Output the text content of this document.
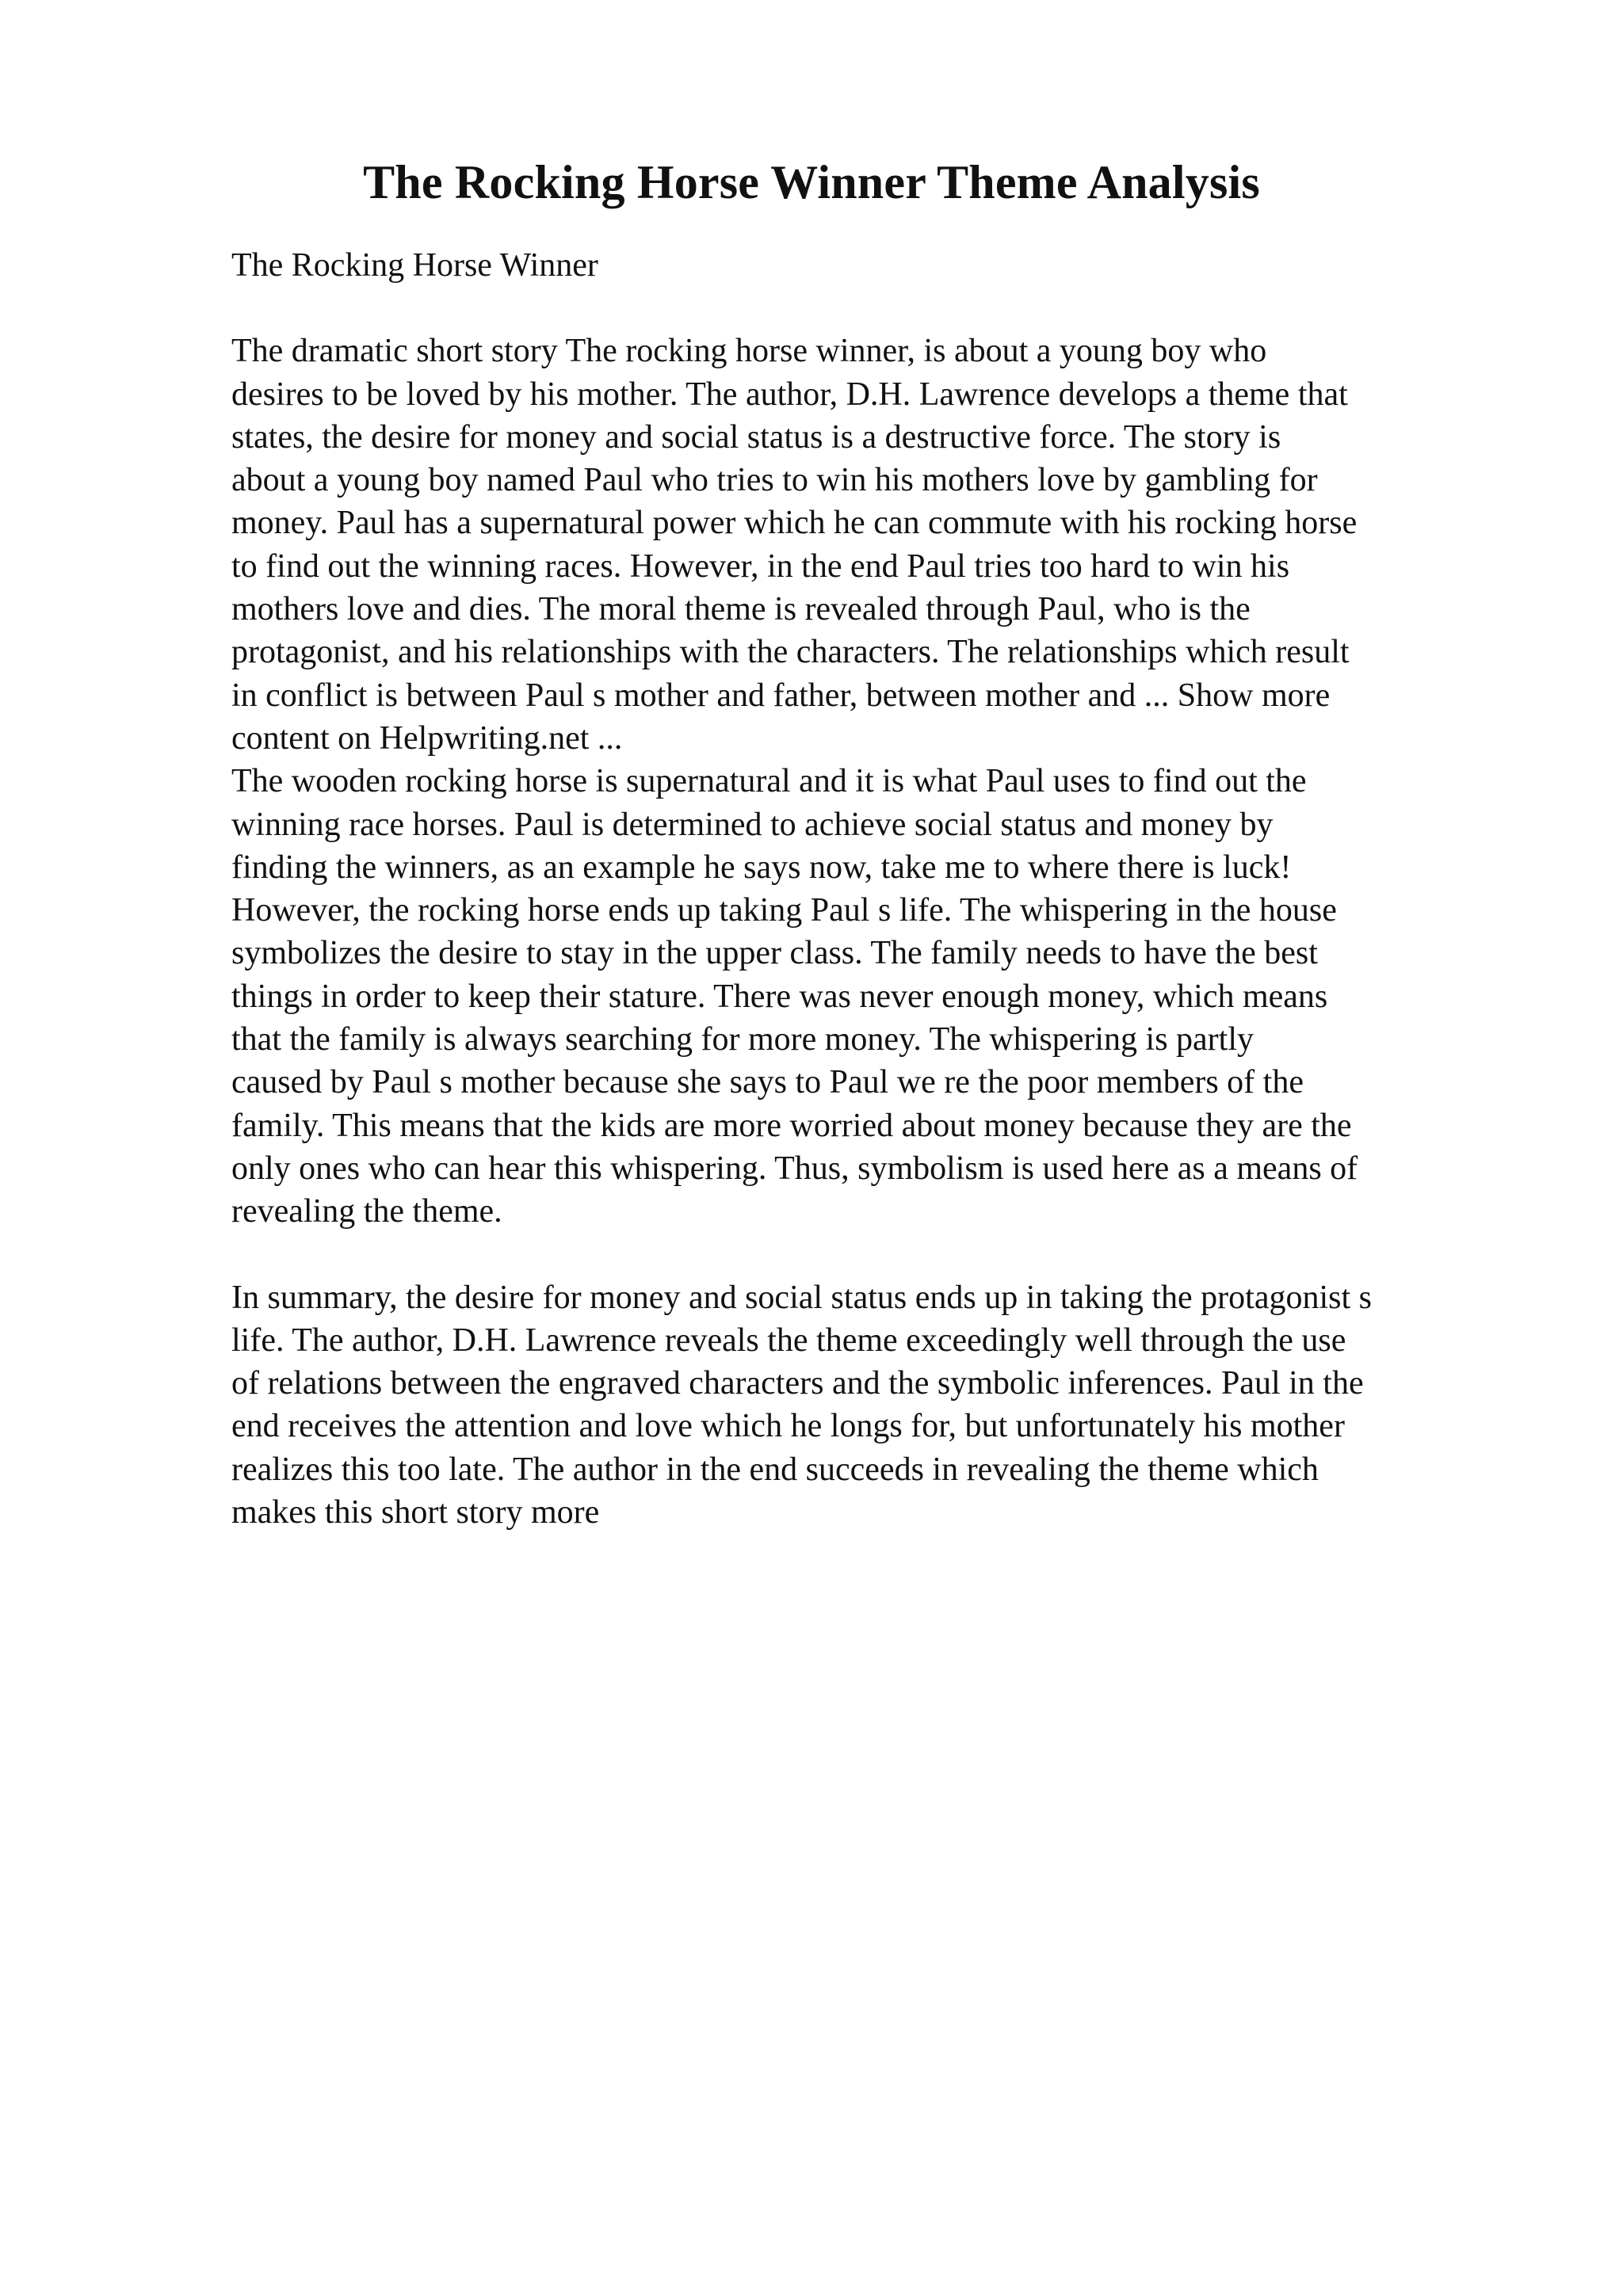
The Rocking Horse Winner Theme Analysis

The Rocking Horse Winner

The dramatic short story The rocking horse winner, is about a young boy who
desires to be loved by his mother. The author, D.H. Lawrence develops a theme that
states, the desire for money and social status is a destructive force. The story is
about a young boy named Paul who tries to win his mothers love by gambling for
money. Paul has a supernatural power which he can commute with his rocking horse
to find out the winning races. However, in the end Paul tries too hard to win his
mothers love and dies. The moral theme is revealed through Paul, who is the
protagonist, and his relationships with the characters. The relationships which result
in conflict is between Paul s mother and father, between mother and ... Show more
content on Helpwriting.net ...

The wooden rocking horse is supernatural and it is what Paul uses to find out the
winning race horses. Paul is determined to achieve social status and money by
finding the winners, as an example he says now, take me to where there is luck!
However, the rocking horse ends up taking Paul s life. The whispering in the house
symbolizes the desire to stay in the upper class. The family needs to have the best
things in order to keep their stature. There was never enough money, which means
that the family is always searching for more money. The whispering is partly
caused by Paul s mother because she says to Paul we re the poor members of the
family. This means that the kids are more worried about money because they are the
only ones who can hear this whispering. Thus, symbolism is used here as a means of
revealing the theme.

In summary, the desire for money and social status ends up in taking the protagonist s
life. The author, D.H. Lawrence reveals the theme exceedingly well through the use
of relations between the engraved characters and the symbolic inferences. Paul in the
end receives the attention and love which he longs for, but unfortunately his mother
realizes this too late. The author in the end succeeds in revealing the theme which
makes this short story more
